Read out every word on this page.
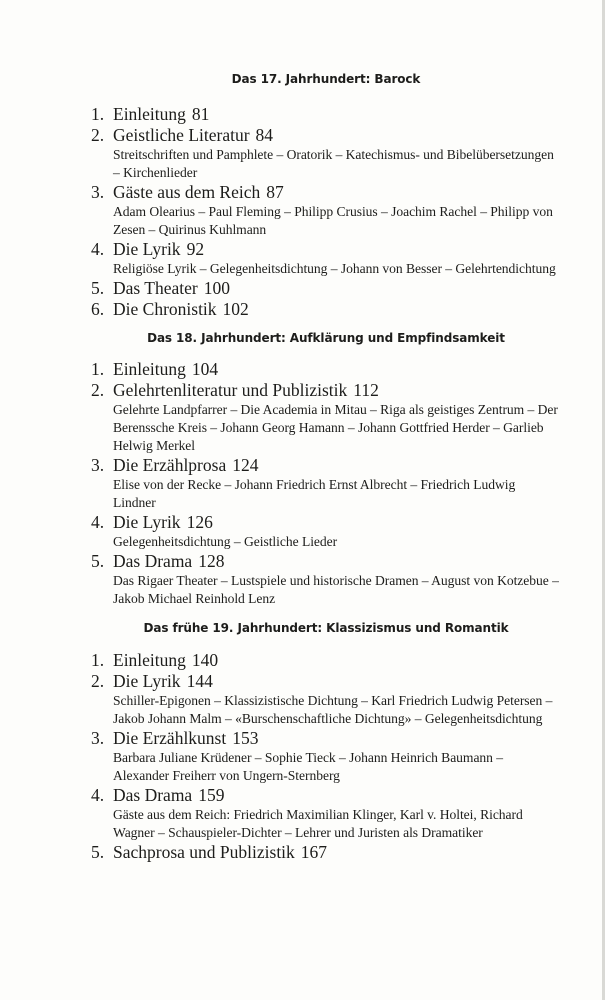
Das 17. Jahrhundert: Barock
1. Einleitung 81
2. Geistliche Literatur 84

Streitschriften und Pamphlete – Oratorik – Katechismus- und Bibelübersetzungen – Kirchenlieder

3. Gäste aus dem Reich 87

Adam Olearius – Paul Fleming – Philipp Crusius – Joachim Rachel – Philipp von Zesen – Quirinus Kuhlmann

4. Die Lyrik 92

Religiöse Lyrik – Gelegenheitsdichtung – Johann von Besser – Gelehrtendichtung

5. Das Theater 100
6. Die Chronistik 102
Das 18. Jahrhundert: Aufklärung und Empfindsamkeit
1. Einleitung 104
2. Gelehrtenliteratur und Publizistik 112

Gelehrte Landpfarrer – Die Academia in Mitau – Riga als geistiges Zentrum – Der Berenssche Kreis – Johann Georg Hamann – Johann Gottfried Herder – Garlieb Helwig Merkel

3. Die Erzählprosa 124

Elise von der Recke – Johann Friedrich Ernst Albrecht – Friedrich Ludwig Lindner

4. Die Lyrik 126

Gelegenheitsdichtung – Geistliche Lieder

5. Das Drama 128

Das Rigaer Theater – Lustspiele und historische Dramen – August von Kotzebue – Jakob Michael Reinhold Lenz

Das frühe 19. Jahrhundert: Klassizismus und Romantik
1. Einleitung 140
2. Die Lyrik 144

Schiller-Epigonen – Klassizistische Dichtung – Karl Friedrich Ludwig Petersen – Jakob Johann Malm – «Burschenschaftliche Dichtung» – Gelegenheitsdichtung

3. Die Erzählkunst 153

Barbara Juliane Krüdener – Sophie Tieck – Johann Heinrich Baumann – Alexander Freiherr von Ungern-Sternberg

4. Das Drama 159

Gäste aus dem Reich: Friedrich Maximilian Klinger, Karl v. Holtei, Richard Wagner – Schauspieler-Dichter – Lehrer und Juristen als Dramatiker

5. Sachprosa und Publizistik 167
